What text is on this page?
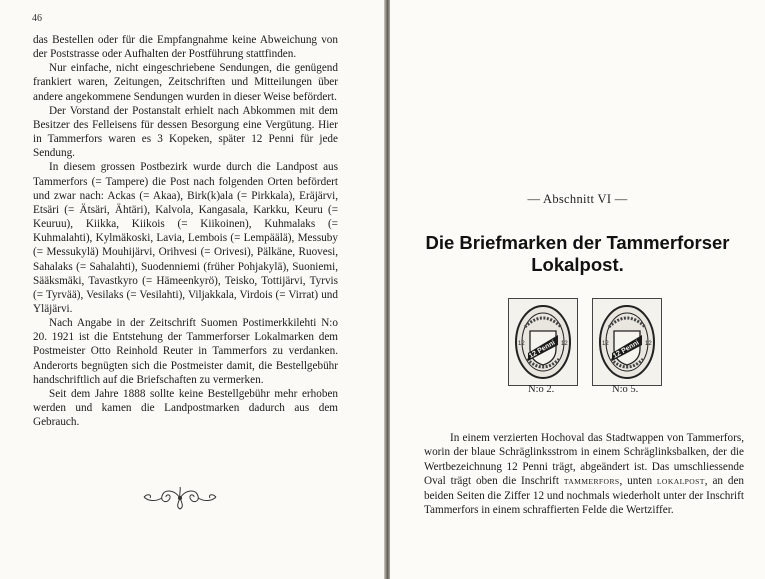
46

das Bestellen oder für die Empfangnahme keine Abweichung von der Poststrasse oder Aufhalten der Postführung stattfinden.

Nur einfache, nicht eingeschriebene Sendungen, die genügend frankiert waren, Zeitungen, Zeitschriften und Mitteilungen über andere angekommene Sendungen wurden in dieser Weise befördert.

Der Vorstand der Postanstalt erhielt nach Abkommen mit dem Besitzer des Felleisens für dessen Besorgung eine Vergütung. Hier in Tammerfors waren es 3 Kopeken, später 12 Penni für jede Sendung.

In diesem grossen Postbezirk wurde durch die Landpost aus Tammerfors (= Tampere) die Post nach folgenden Orten befördert und zwar nach: Ackas (= Akaa), Birk(k)ala (= Pirkkala), Eräjärvi, Etsäri (= Ätsäri, Ähtäri), Kalvola, Kangasala, Karkku, Keuru (= Keuruu), Kiikka, Kiikois (= Kiikoinen), Kuhmalaks (= Kuhmalahti), Kylmäkoski, Lavia, Lembois (= Lempäälä), Messuby (= Messukylä) Mouhijärvi, Orihvesi (= Orivesi), Pälkäne, Ruovesi, Sahalaks (= Sahalahti), Suodenniemi (früher Pohjakylä), Suoniemi, Sääksmäki, Tavastkyro (= Hämeenkyrö), Teisko, Tottijärvi, Tyrvis (= Tyrvää), Vesilaks (= Vesilahti), Viljakkala, Virdois (= Virrat) und Yläjärvi.

Nach Angabe in der Zeitschrift Suomen Postimerkkilehti N:o 20. 1921 ist die Entstehung der Tammerforser Lokalmarken dem Postmeister Otto Reinhold Reuter in Tammerfors zu verdanken. Anderorts begnügten sich die Postmeister damit, die Bestellgebühr handschriftlich auf die Briefschaften zu vermerken.

Seit dem Jahre 1888 sollte keine Bestellgebühr mehr erhoben werden und kamen die Landpostmarken dadurch aus dem Gebrauch.

— Abschnitt VI —
Die Briefmarken der Tammerforser
Lokalpost.
12 Penni
12	12	12 Penni
12	12
N:o 2.	N:o 5.

In einem verzierten Hochoval das Stadtwappen von Tammerfors, worin der blaue Schräglinksstrom in einem Schräglinksbalken, der die Wertbezeichnung 12 Penni trägt, abgeändert ist. Das umschliessende Oval trägt oben die Inschrift TAMMERFORS, unten LOKALPOST, an den beiden Seiten die Ziffer 12 und nochmals wiederholt unter der Inschrift Tammerfors in einem schraffierten Felde die Wertziffer.
